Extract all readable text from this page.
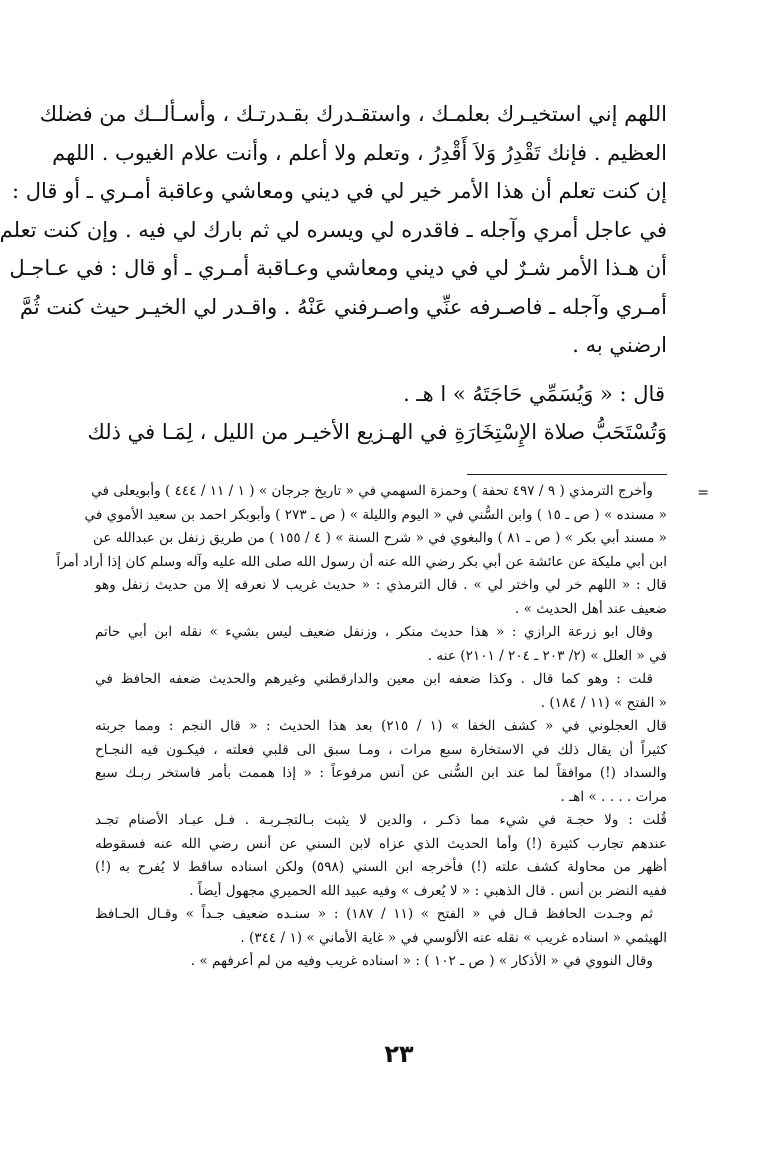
اللهم إني استخيـرك بعلمـك ، واستقـدرك بقـدرتـك ، وأسـألــك من فضلك
العظيم . فإنك تَقْدِرُ وَلاَ أَقْدِرُ ، وتعلم ولا أعلم ، وأنت علام الغيوب . اللهم
إن كنت تعلم أن هذا الأمر خير لي في ديني ومعاشي وعاقبة أمـري ـ أو قال :
في عاجل أمري وآجله ـ فاقدره لي ويسره لي ثم بارك لي فيه . وإن كنت تعلم
أن هـذا الأمر شـرٌ لي في ديني ومعاشي وعـاقبة أمـري ـ أو قال : في عـاجـل
أمـري وآجله ـ فاصـرفه عنِّي واصـرفني عَنْهُ . واقـدر لي الخيـر حيث كنت ثُمَّ
ارضني به .
قال : « وَيُسَمِّي حَاجَتَهُ » ا هـ .
وَتُسْتَحَبُّ صلاة الإِسْتِخَارَةِ في الهـزيع الأخيـر من الليل ، لِمَـا في ذلك
=
وأخرج الترمذي ( ٩ / ٤٩٧ تحفة ) وحمزة السهمي في « تاريخ جرجان » ( ١ / ١١ / ٤٤٤ ) وأبويعلى في
« مسنده » ( ص ـ ١٥ ) وابن السُّني في « اليوم والليلة » ( ص ـ ٢٧٣ ) وأبوبكر احمد بن سعيد الأموي في
« مسند أبي بكر » ( ص ـ ٨١ ) والبغوي في « شرح السنة » ( ٤ / ١٥٥ ) من طريق زنفل بن عبدالله عن
ابن أبي مليكة عن عائشة عن أبي بكر رضي الله عنه أن رسول الله صلى الله عليه وآله وسلم كان إذا أراد أمراً
قال : « اللهم خر لي واختر لي » . قال الترمذي : « حديث غريب لا نعرفه إلا من حديث زنفل وهو
ضعيف عند أهل الحديث » .
وقال ابو زرعة الرازي : « هذا حديث منكر ، وزنفل ضعيف ليس بشيء » نقله ابن أبي حاتم
في « العلل » (٢/ ٢٠٣ ـ ٢٠٤ / ٢١٠١) عنه .
قلت : وهو كما قال . وكذا ضعفه ابن معين والدارقطني وغيرهم والحديث ضعفه الحافظ في
« الفتح » (١١ / ١٨٤) .
قال العجلوني في « كشف الخفا » (١ / ٢١٥) بعد هذا الحديث : « قال النجم : ومما جربته
كثيراً أن يقال ذلك في الاستخارة سبع مرات ، ومـا سبق الى قلبي فعلته ، فيكـون فيه النجـاح
والسداد (!) موافقاً لما عند ابن السُّنى عن أنس مرفوعاً : « إذا هممت بأمر فاستخر ربـك سبع
مرات . . . . » اهـ .
قُلت : ولا حجـة في شيء مما ذكـر ، والدين لا يثبت بـالتجـربـة . فـل عبـاد الأصنام تجـد
عندهم تجارب كثيرة (!) وأما الحديث الذي عزاه لابن السني عن أنس رضي الله عنه فسقوطه
أظهر من محاولة كشف علته (!) فأخرجه ابن السني (٥٩٨) ولكن اسناده ساقط لا يُفرح به (!)
ففيه النضر بن أنس . قال الذهبي : « لا يُعرف » وفيه عبيد الله الحميري مجهول أيضاً .
ثم وجـدت الحافظ قـال في « الفتح » (١١ / ١٨٧) : « سنـده ضعيف جـداً » وقـال الحـافظ
الهيثمي « اسناده غريب » نقله عنه الألوسي في « غاية الأماني » (١ / ٣٤٤) .
وقال النووي في « الأذكار » ( ص ـ ١٠٢ ) : « اسناده غريب وفيه من لم أعرفهم » .
٢٣
